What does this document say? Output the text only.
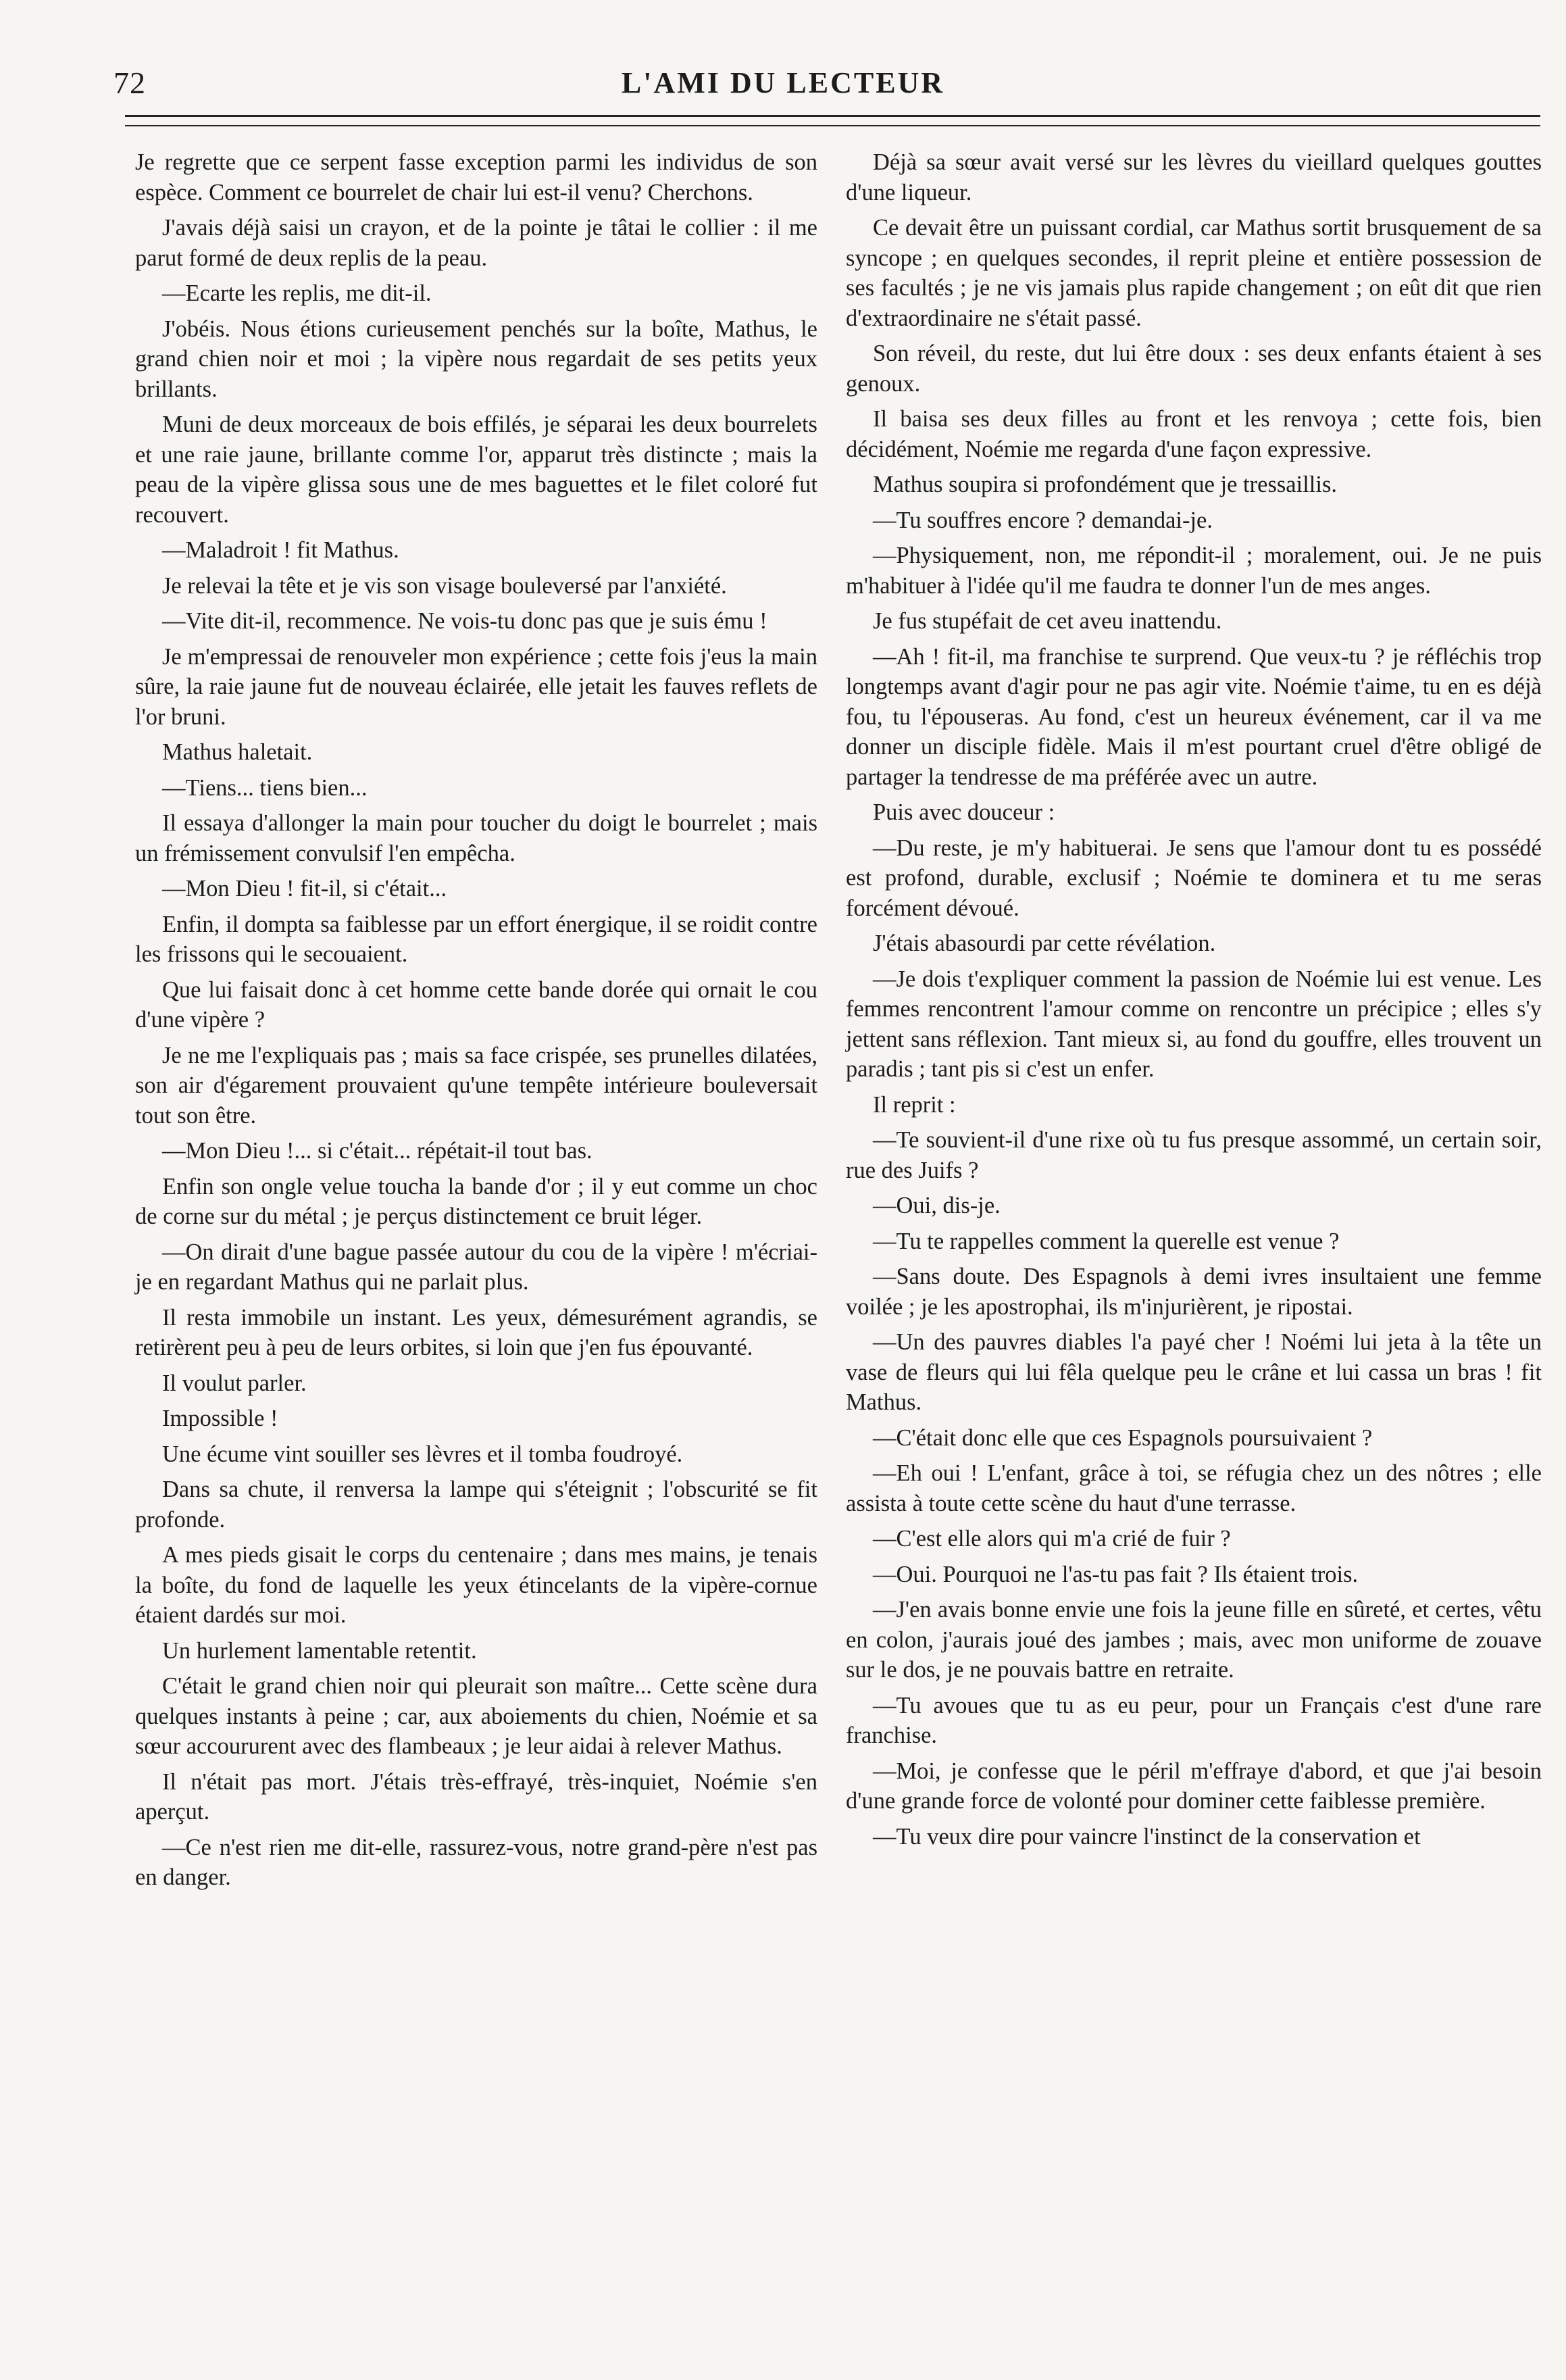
72	L'AMI DU LECTEUR

Je regrette que ce serpent fasse exception parmi les individus de son espèce. Comment ce bourrelet de chair lui est-il venu? Cherchons.

J'avais déjà saisi un crayon, et de la pointe je tâtai le collier : il me parut formé de deux replis de la peau.

—Ecarte les replis, me dit-il.

J'obéis. Nous étions curieusement penchés sur la boîte, Mathus, le grand chien noir et moi ; la vipère nous regardait de ses petits yeux brillants.

Muni de deux morceaux de bois effilés, je séparai les deux bourrelets et une raie jaune, brillante comme l'or, apparut très distincte ; mais la peau de la vipère glissa sous une de mes baguettes et le filet coloré fut recouvert.

—Maladroit ! fit Mathus.

Je relevai la tête et je vis son visage bouleversé par l'anxiété.

—Vite dit-il, recommence. Ne vois-tu donc pas que je suis ému !

Je m'empressai de renouveler mon expérience ; cette fois j'eus la main sûre, la raie jaune fut de nouveau éclairée, elle jetait les fauves reflets de l'or bruni.

Mathus haletait.

—Tiens... tiens bien...

Il essaya d'allonger la main pour toucher du doigt le bourrelet ; mais un frémissement convulsif l'en empêcha.

—Mon Dieu ! fit-il, si c'était...

Enfin, il dompta sa faiblesse par un effort énergique, il se roidit contre les frissons qui le secouaient.

Que lui faisait donc à cet homme cette bande dorée qui ornait le cou d'une vipère ?

Je ne me l'expliquais pas ; mais sa face crispée, ses prunelles dilatées, son air d'égarement prouvaient qu'une tempête intérieure bouleversait tout son être.

—Mon Dieu !... si c'était... répétait-il tout bas.

Enfin son ongle velue toucha la bande d'or ; il y eut comme un choc de corne sur du métal ; je perçus distinctement ce bruit léger.

—On dirait d'une bague passée autour du cou de la vipère ! m'écriai-je en regardant Mathus qui ne parlait plus.

Il resta immobile un instant. Les yeux, démesurément agrandis, se retirèrent peu à peu de leurs orbites, si loin que j'en fus épouvanté.

Il voulut parler.

Impossible !

Une écume vint souiller ses lèvres et il tomba foudroyé.

Dans sa chute, il renversa la lampe qui s'éteignit ; l'obscurité se fit profonde.

A mes pieds gisait le corps du centenaire ; dans mes mains, je tenais la boîte, du fond de laquelle les yeux étincelants de la vipère-cornue étaient dardés sur moi.

Un hurlement lamentable retentit.

C'était le grand chien noir qui pleurait son maître... Cette scène dura quelques instants à peine ; car, aux aboiements du chien, Noémie et sa sœur accoururent avec des flambeaux ; je leur aidai à relever Mathus.

Il n'était pas mort. J'étais très-effrayé, très-inquiet, Noémie s'en aperçut.

—Ce n'est rien me dit-elle, rassurez-vous, notre grand-père n'est pas en danger.

Déjà sa sœur avait versé sur les lèvres du vieillard quelques gouttes d'une liqueur.

Ce devait être un puissant cordial, car Mathus sortit brusquement de sa syncope ; en quelques secondes, il reprit pleine et entière possession de ses facultés ; je ne vis jamais plus rapide changement ; on eût dit que rien d'extraordinaire ne s'était passé.

Son réveil, du reste, dut lui être doux : ses deux enfants étaient à ses genoux.

Il baisa ses deux filles au front et les renvoya ; cette fois, bien décidément, Noémie me regarda d'une façon expressive.

Mathus soupira si profondément que je tressaillis.

—Tu souffres encore ? demandai-je.

—Physiquement, non, me répondit-il ; moralement, oui. Je ne puis m'habituer à l'idée qu'il me faudra te donner l'un de mes anges.

Je fus stupéfait de cet aveu inattendu.

—Ah ! fit-il, ma franchise te surprend. Que veux-tu ? je réfléchis trop longtemps avant d'agir pour ne pas agir vite. Noémie t'aime, tu en es déjà fou, tu l'épouseras. Au fond, c'est un heureux événement, car il va me donner un disciple fidèle. Mais il m'est pourtant cruel d'être obligé de partager la tendresse de ma préférée avec un autre.

Puis avec douceur :

—Du reste, je m'y habituerai. Je sens que l'amour dont tu es possédé est profond, durable, exclusif ; Noémie te dominera et tu me seras forcément dévoué.

J'étais abasourdi par cette révélation.

—Je dois t'expliquer comment la passion de Noémie lui est venue. Les femmes rencontrent l'amour comme on rencontre un précipice ; elles s'y jettent sans réflexion. Tant mieux si, au fond du gouffre, elles trouvent un paradis ; tant pis si c'est un enfer.

Il reprit :

—Te souvient-il d'une rixe où tu fus presque assommé, un certain soir, rue des Juifs ?

—Oui, dis-je.

—Tu te rappelles comment la querelle est venue ?

—Sans doute. Des Espagnols à demi ivres insultaient une femme voilée ; je les apostrophai, ils m'injurièrent, je ripostai.

—Un des pauvres diables l'a payé cher ! Noémi lui jeta à la tête un vase de fleurs qui lui fêla quelque peu le crâne et lui cassa un bras ! fit Mathus.

—C'était donc elle que ces Espagnols poursuivaient ?

—Eh oui ! L'enfant, grâce à toi, se réfugia chez un des nôtres ; elle assista à toute cette scène du haut d'une terrasse.

—C'est elle alors qui m'a crié de fuir ?

—Oui. Pourquoi ne l'as-tu pas fait ? Ils étaient trois.

—J'en avais bonne envie une fois la jeune fille en sûreté, et certes, vêtu en colon, j'aurais joué des jambes ; mais, avec mon uniforme de zouave sur le dos, je ne pouvais battre en retraite.

—Tu avoues que tu as eu peur, pour un Français c'est d'une rare franchise.

—Moi, je confesse que le péril m'effraye d'abord, et que j'ai besoin d'une grande force de volonté pour dominer cette faiblesse première.

—Tu veux dire pour vaincre l'instinct de la conservation et
